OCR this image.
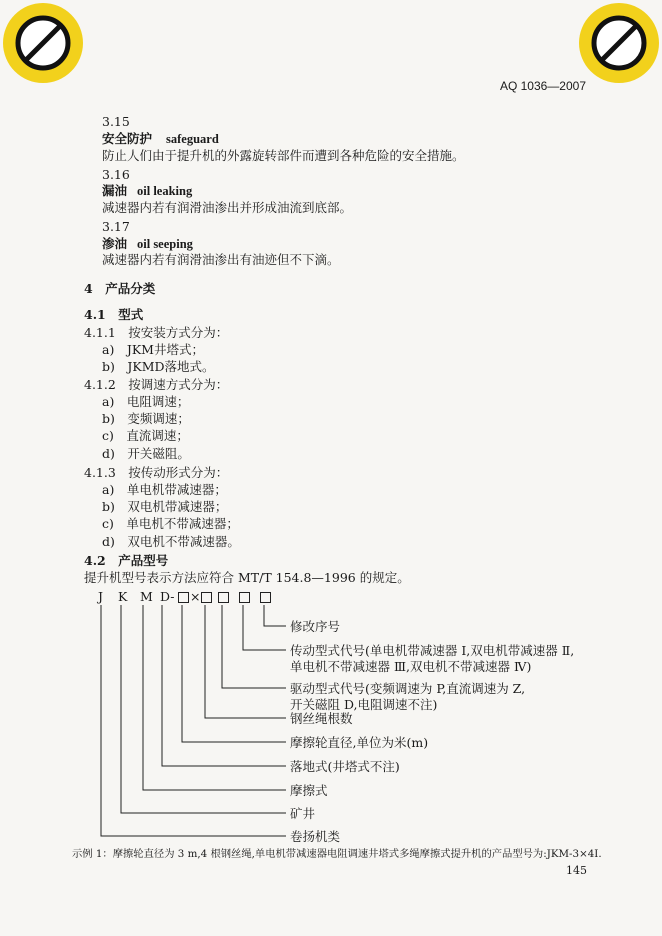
AQ 1036—2007
3.15
安全防护 safeguard
防止人们由于提升机的外露旋转部件而遭到各种危险的安全措施。
3.16
漏油 oil leaking
减速器内若有润滑油渗出并形成油流到底部。
3.17
渗油 oil seeping
减速器内若有润滑油渗出有油迹但不下滴。
4　产品分类
4.1　型式
4.1.1　按安装方式分为：
a)　JKM井塔式；
b)　JKMD落地式。
4.1.2　按调速方式分为：
a)　电阻调速；
b)　变频调速；
c)　直流调速；
d)　开关磁阻。
4.1.3　按传动形式分为：
a)　单电机带减速器；
b)　双电机带减速器；
c)　单电机不带减速器；
d)　双电机不带减速器。
4.2　产品型号
提升机型号表示方法应符合 MT/T 154.8—1996 的规定。
J K M D- ×
修改序号
传动型式代号(单电机带减速器 Ⅰ,双电机带减速器 Ⅱ,
单电机不带减速器 Ⅲ,双电机不带减速器 Ⅳ)
驱动型式代号(变频调速为 P,直流调速为 Z,
开关磁阻 D,电阻调速不注)
钢丝绳根数
摩擦轮直径,单位为米(m)
落地式(井塔式不注)
摩擦式
矿井
卷扬机类
示例 1：摩擦轮直径为 3 m,4 根钢丝绳,单电机带减速器电阻调速井塔式多绳摩擦式提升机的产品型号为:JKM-3×4Ⅰ.
145
